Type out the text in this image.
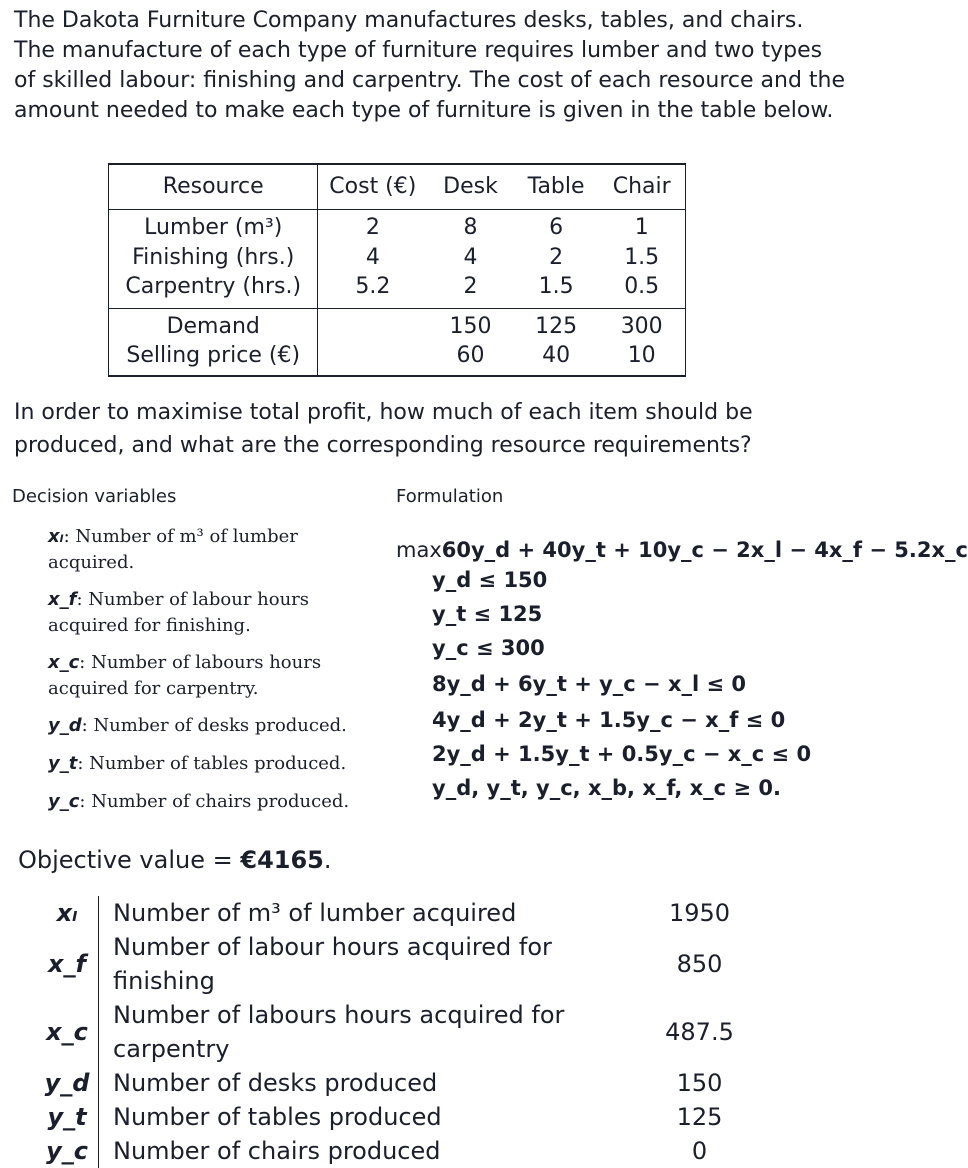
The Dakota Furniture Company manufactures desks, tables, and chairs. The manufacture of each type of furniture requires lumber and two types of skilled labour: finishing and carpentry. The cost of each resource and the amount needed to make each type of furniture is given in the table below.

Resource	Cost (€)	Desk	Table	Chair

Lumber (m³)	2	8	6	1
Finishing (hrs.)	4	4	2	1.5
Carpentry (hrs.)	5.2	2	1.5	0.5

Demand		150	125	300
Selling price (€)		60	40	10

In order to maximise total profit, how much of each item should be produced, and what are the corresponding resource requirements?

Decision variables	Formulation

xₗ: Number of m³ of lumber acquired.

x_f: Number of labour hours acquired for finishing.

x_c: Number of labours hours acquired for carpentry.

y_d: Number of desks produced.

y_t: Number of tables produced.

y_c: Number of chairs produced.

max60y_d + 40y_t + 10y_c − 2x_l − 4x_f − 5.2x_c
y_d ≤ 150
y_t ≤ 125
y_c ≤ 300
8y_d + 6y_t + y_c − x_l ≤ 0
4y_d + 2y_t + 1.5y_c − x_f ≤ 0
2y_d + 1.5y_t + 0.5y_c − x_c ≤ 0
y_d, y_t, y_c, x_b, x_f, x_c ≥ 0.
Objective value = €4165.
xₗ	Number of m³ of lumber acquired	1950
x_f	Number of labour hours acquired for finishing	850
x_c	Number of labours hours acquired for carpentry	487.5
y_d	Number of desks produced	150
y_t	Number of tables produced	125
y_c	Number of chairs produced	0
